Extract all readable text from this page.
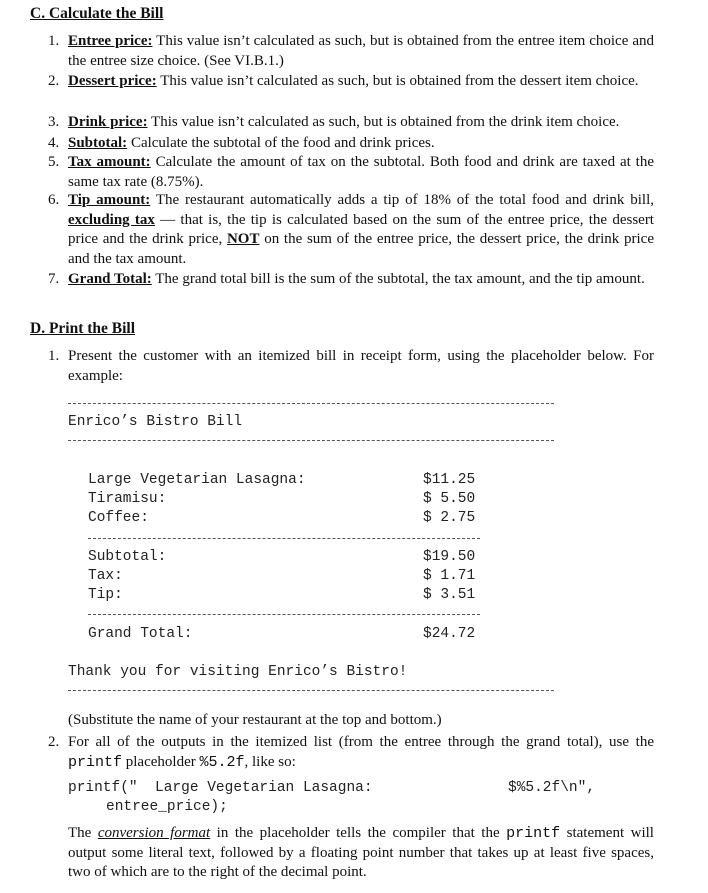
C. Calculate the Bill
1. Entree price: This value isn’t calculated as such, but is obtained from the entree item choice and the entree size choice. (See VI.B.1.)
2. Dessert price: This value isn’t calculated as such, but is obtained from the dessert item choice.
3. Drink price: This value isn’t calculated as such, but is obtained from the drink item choice.
4. Subtotal: Calculate the subtotal of the food and drink prices.
5. Tax amount: Calculate the amount of tax on the subtotal. Both food and drink are taxed at the same tax rate (8.75%).
6. Tip amount: The restaurant automatically adds a tip of 18% of the total food and drink bill, excluding tax — that is, the tip is calculated based on the sum of the entree price, the dessert price and the drink price, NOT on the sum of the entree price, the dessert price, the drink price and the tax amount.
7. Grand Total: The grand total bill is the sum of the subtotal, the tax amount, and the tip amount.
D. Print the Bill
1. Present the customer with an itemized bill in receipt form, using the placeholder below. For example:
Enrico’s Bistro Bill
Large Vegetarian Lasagna:	$11.25
Tiramisu:	$ 5.50
Coffee:	$ 2.75
Subtotal:	$19.50
Tax:	$ 1.71
Tip:	$ 3.51
Grand Total:	$24.72
Thank you for visiting Enrico’s Bistro!
(Substitute the name of your restaurant at the top and bottom.)
2. For all of the outputs in the itemized list (from the entree through the grand total), use the printf placeholder %5.2f, like so:
printf("  Large Vegetarian Lasagna:	$%5.2f\n",
entree_price);
The conversion format in the placeholder tells the compiler that the printf statement will output some literal text, followed by a floating point number that takes up at least five spaces, two of which are to the right of the decimal point.
